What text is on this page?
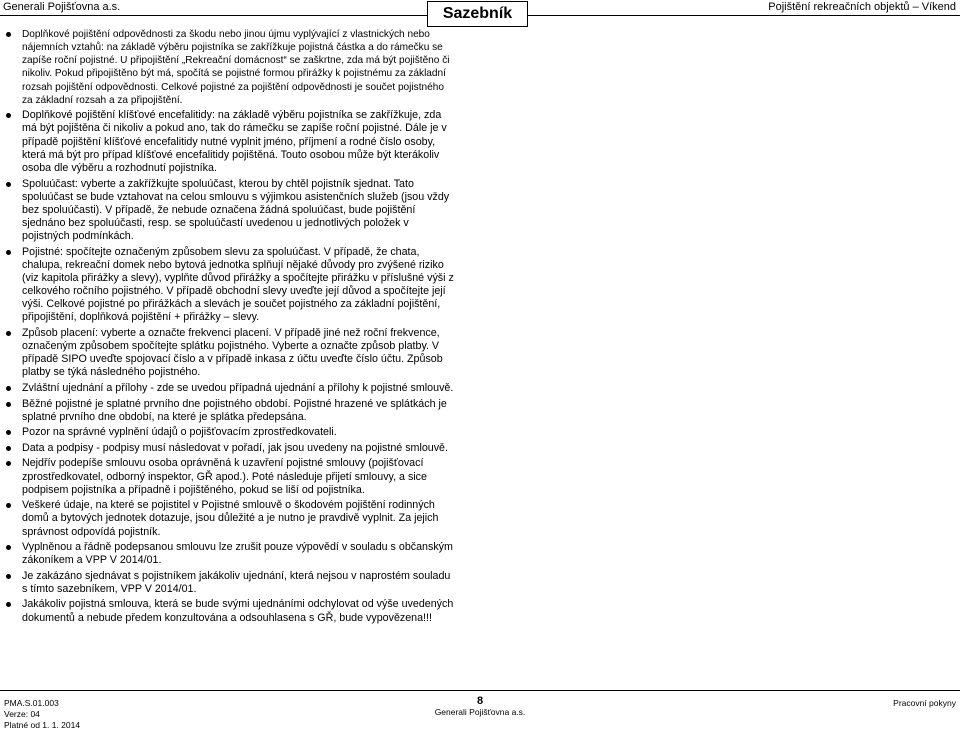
Generali Pojišťovna a.s.	Sazebník	Pojištění rekreačních objektů – Víkend
Doplňkové pojištění odpovědnosti za škodu nebo jinou újmu vyplývající z vlastnických nebo nájemních vztahů: na základě výběru pojistníka se zakřížkuje pojistná částka a do rámečku se zapíše roční pojistné. U připojištění „Rekreační domácnost“ se zaškrtne, zda má být pojištěno či nikoliv. Pokud připojištěno být má, spočítá se pojistné formou přirážky k pojistnému za základní rozsah pojištění odpovědnosti. Celkové pojistné za pojištění odpovědnosti je součet pojistného za základní rozsah a za připojištění.
Doplňkové pojištění klíšťové encefalitidy: na základě výběru pojistníka se zakřížkuje, zda má být pojištěna či nikoliv a pokud ano, tak do rámečku se zapíše roční pojistné. Dále je v případě pojištění klíšťové encefalitidy nutné vyplnit jméno, příjmení a rodné číslo osoby, která má být pro případ klíšťové encefalitidy pojištěná. Touto osobou může být kterákoliv osoba dle výběru a rozhodnutí pojistníka.
Spoluúčast: vyberte a zakřížkujte spoluúčast, kterou by chtěl pojistník sjednat. Tato spoluúčast se bude vztahovat na celou smlouvu s výjimkou asistenčních služeb (jsou vždy bez spoluúčasti). V případě, že nebude označena žádná spoluúčast, bude pojištění sjednáno bez spoluúčasti, resp. se spoluúčastí uvedenou u jednotlivých položek v pojistných podmínkách.
Pojistné: spočítejte označeným způsobem slevu za spoluúčast. V případě, že chata, chalupa, rekreační domek nebo bytová jednotka splňují nějaké důvody pro zvýšené riziko (viz kapitola přirážky a slevy), vyplňte důvod přirážky a spočítejte přirážku v příslušné výši z celkového ročního pojistného. V případě obchodní slevy uveďte její důvod a spočítejte její výši. Celkové pojistné po přirážkách a slevách je součet pojistného za základní pojištění, připojištění, doplňková pojištění + přirážky – slevy.
Způsob placení: vyberte a označte frekvenci placení. V případě jiné než roční frekvence, označeným způsobem spočítejte splátku pojistného. Vyberte a označte způsob platby. V případě SIPO uveďte spojovací číslo a v případě inkasa z účtu uveďte číslo účtu. Způsob platby se týká následného pojistného.
Zvláštní ujednání a přílohy - zde se uvedou případná ujednání a přílohy k pojistné smlouvě.
Běžné pojistné je splatné prvního dne pojistného období. Pojistné hrazené ve splátkách je splatné prvního dne období, na které je splátka předepsána.
Pozor na správné vyplnění údajů o pojišťovacím zprostředkovateli.
Data a podpisy - podpisy musí následovat v pořadí, jak jsou uvedeny na pojistné smlouvě.
Nejdřív podepíše smlouvu osoba oprávněná k uzavření pojistné smlouvy (pojišťovací zprostředkovatel, odborný inspektor, GŘ apod.). Poté následuje přijetí smlouvy, a sice podpisem pojistníka a případně i pojištěného, pokud se liší od pojistníka.
Veškeré údaje, na které se pojistitel v Pojistné smlouvě o škodovém pojištění rodinných domů a bytových jednotek dotazuje, jsou důležité a je nutno je pravdivě vyplnit. Za jejich správnost odpovídá pojistník.
Vyplněnou a řádně podepsanou smlouvu lze zrušit pouze výpovědí v souladu s občanským zákoníkem a VPP V 2014/01.
Je zakázáno sjednávat s pojistníkem jakákoliv ujednání, která nejsou v naprostém souladu s tímto sazebníkem, VPP V 2014/01.
Jakákoliv pojistná smlouva, která se bude svými ujednáními odchylovat od výše uvedených dokumentů a nebude předem konzultována a odsouhlasena s GŘ, bude vypovězena!!!
PMA.S.01.003
Verze: 04
Platné od 1. 1. 2014
8
Generali Pojišťovna a.s.
Pracovní pokyny
